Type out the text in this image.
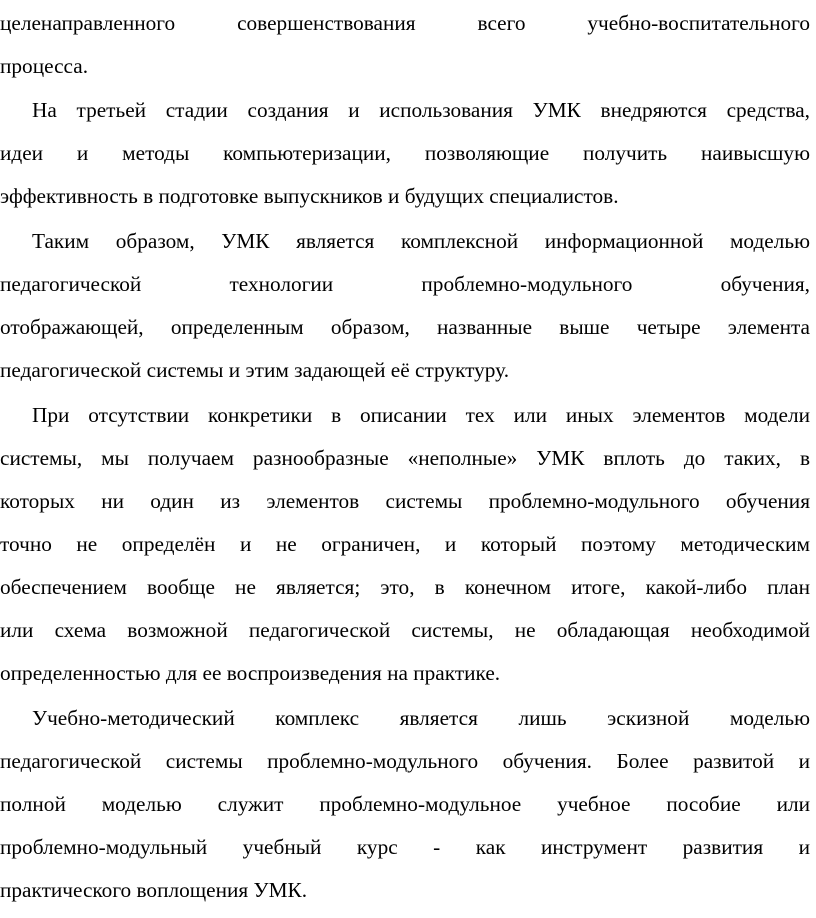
целенаправленного совершенствования всего учебно-воспитательного
процесса.
На третьей стадии создания и использования УМК внедряются средства,
идеи и методы компьютеризации, позволяющие получить наивысшую
эффективность в подготовке выпускников и будущих специалистов.
Таким образом, УМК является комплексной информационной моделью
педагогической технологии проблемно-модульного обучения,
отображающей, определенным образом, названные выше четыре элемента
педагогической системы и этим задающей её структуру.
При отсутствии конкретики в описании тех или иных элементов модели
системы, мы получаем разнообразные «неполные» УМК вплоть до таких, в
которых ни один из элементов системы проблемно-модульного обучения
точно не определён и не ограничен, и который поэтому методическим
обеспечением вообще не является; это, в конечном итоге, какой-либо план
или схема возможной педагогической системы, не обладающая необходимой
определенностью для ее воспроизведения на практике.
Учебно-методический комплекс является лишь эскизной моделью
педагогической системы проблемно-модульного обучения. Более развитой и
полной моделью служит проблемно-модульное учебное пособие или
проблемно-модульный учебный курс - как инструмент развития и
практического воплощения УМК.
